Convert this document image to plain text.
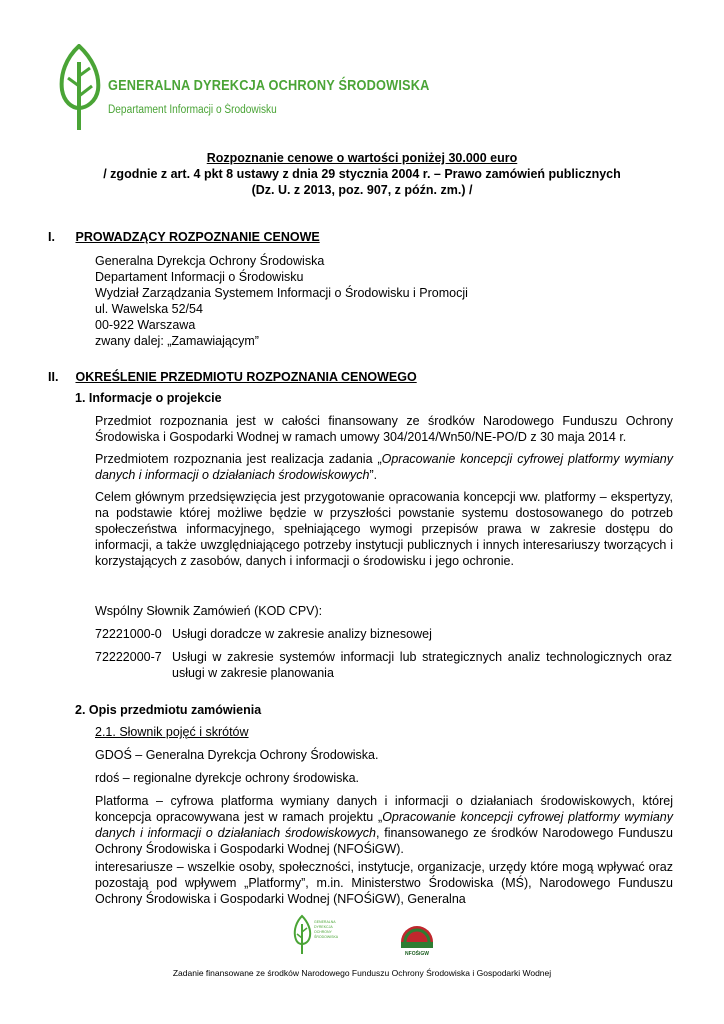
GENERALNA DYREKCJA OCHRONY ŚRODOWISKA
Departament Informacji o Środowisku
Rozpoznanie cenowe o wartości poniżej 30.000 euro
/ zgodnie z art. 4 pkt 8 ustawy z dnia 29 stycznia 2004 r. – Prawo zamówień publicznych
(Dz. U. z 2013, poz. 907, z późn. zm.) /
I. PROWADZĄCY ROZPOZNANIE CENOWE
Generalna Dyrekcja Ochrony Środowiska
Departament Informacji o Środowisku
Wydział Zarządzania Systemem Informacji o Środowisku i Promocji
ul. Wawelska 52/54
00-922 Warszawa
zwany dalej: „Zamawiającym”
II. OKREŚLENIE PRZEDMIOTU ROZPOZNANIA CENOWEGO
1. Informacje o projekcie
Przedmiot rozpoznania jest w całości finansowany ze środków Narodowego Funduszu Ochrony Środowiska i Gospodarki Wodnej w ramach umowy 304/2014/Wn50/NE-PO/D z 30 maja 2014 r.
Przedmiotem rozpoznania jest realizacja zadania „Opracowanie koncepcji cyfrowej platformy wymiany danych i informacji o działaniach środowiskowych”.
Celem głównym przedsięwzięcia jest przygotowanie opracowania koncepcji ww. platformy – ekspertyzy, na podstawie której możliwe będzie w przyszłości powstanie systemu dostosowanego do potrzeb społeczeństwa informacyjnego, spełniającego wymogi przepisów prawa w zakresie dostępu do informacji, a także uwzględniającego potrzeby instytucji publicznych i innych interesariuszy tworzących i korzystających z zasobów, danych i informacji o środowisku i jego ochronie.
Wspólny Słownik Zamówień (KOD CPV):
72221000-0 Usługi doradcze w zakresie analizy biznesowej
72222000-7 Usługi w zakresie systemów informacji lub strategicznych analiz technologicznych oraz usługi w zakresie planowania
2. Opis przedmiotu zamówienia
2.1. Słownik pojęć i skrótów
GDOŚ – Generalna Dyrekcja Ochrony Środowiska.
rdoś – regionalne dyrekcje ochrony środowiska.
Platforma – cyfrowa platforma wymiany danych i informacji o działaniach środowiskowych, której koncepcja opracowywana jest w ramach projektu „Opracowanie koncepcji cyfrowej platformy wymiany danych i informacji o działaniach środowiskowych, finansowanego ze środków Narodowego Funduszu Ochrony Środowiska i Gospodarki Wodnej (NFOŚiGW).
interesariusze – wszelkie osoby, społeczności, instytucje, organizacje, urzędy które mogą wpływać oraz pozostają pod wpływem „Platformy”, m.in. Ministerstwo Środowiska (MŚ), Narodowego Funduszu Ochrony Środowiska i Gospodarki Wodnej (NFOŚiGW), Generalna
GENERALNA
DYREKCJA
OCHRONY
ŚRODOWISKA
NFOŚiGW
Zadanie finansowane ze środków Narodowego Funduszu Ochrony Środowiska i Gospodarki Wodnej
